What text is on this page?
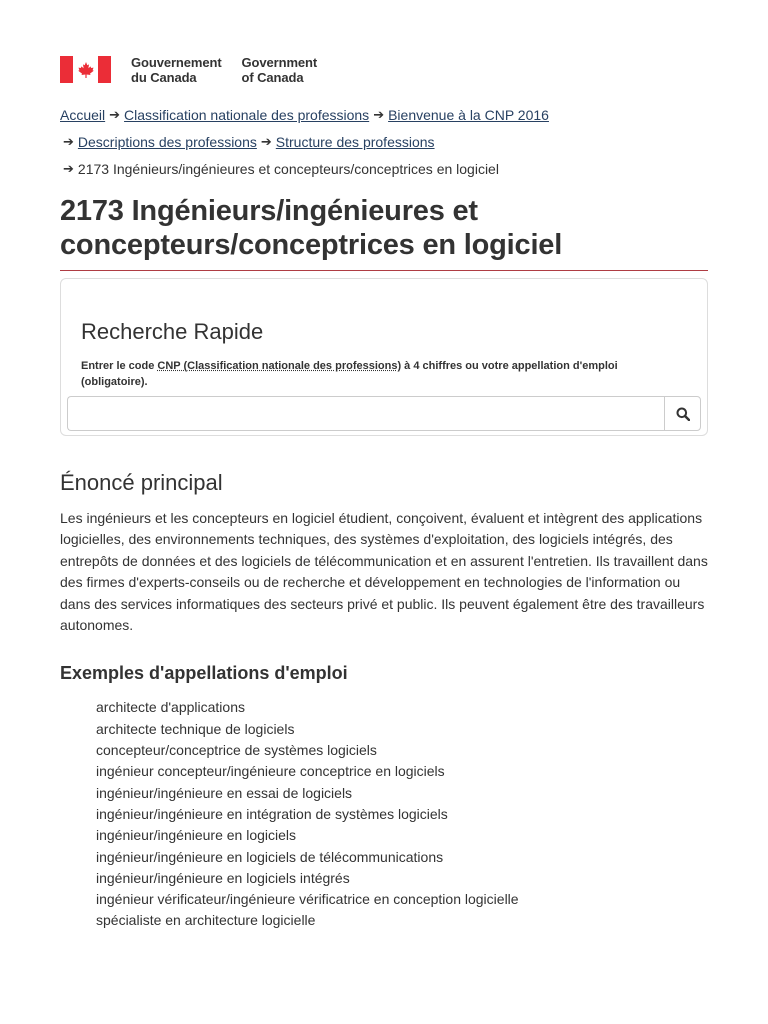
Gouvernement
du Canada
Government
of Canada
Accueil ➔ Classification nationale des professions ➔ Bienvenue à la CNP 2016
➔ Descriptions des professions ➔ Structure des professions
➔ 2173 Ingénieurs/ingénieures et concepteurs/conceptrices en logiciel
2173 Ingénieurs/ingénieures et concepteurs/conceptrices en logiciel
Recherche Rapide
Entrer le code CNP (Classification nationale des professions) à 4 chiffres ou votre appellation d'emploi (obligatoire).
Énoncé principal

Les ingénieurs et les concepteurs en logiciel étudient, conçoivent, évaluent et intègrent des applications logicielles, des environnements techniques, des systèmes d'exploitation, des logiciels intégrés, des entrepôts de données et des logiciels de télécommunication et en assurent l'entretien. Ils travaillent dans des firmes d'experts-conseils ou de recherche et développement en technologies de l'information ou dans des services informatiques des secteurs privé et public. Ils peuvent également être des travailleurs autonomes.

Exemples d'appellations d'emploi
architecte d'applications
architecte technique de logiciels
concepteur/conceptrice de systèmes logiciels
ingénieur concepteur/ingénieure conceptrice en logiciels
ingénieur/ingénieure en essai de logiciels
ingénieur/ingénieure en intégration de systèmes logiciels
ingénieur/ingénieure en logiciels
ingénieur/ingénieure en logiciels de télécommunications
ingénieur/ingénieure en logiciels intégrés
ingénieur vérificateur/ingénieure vérificatrice en conception logicielle
spécialiste en architecture logicielle
